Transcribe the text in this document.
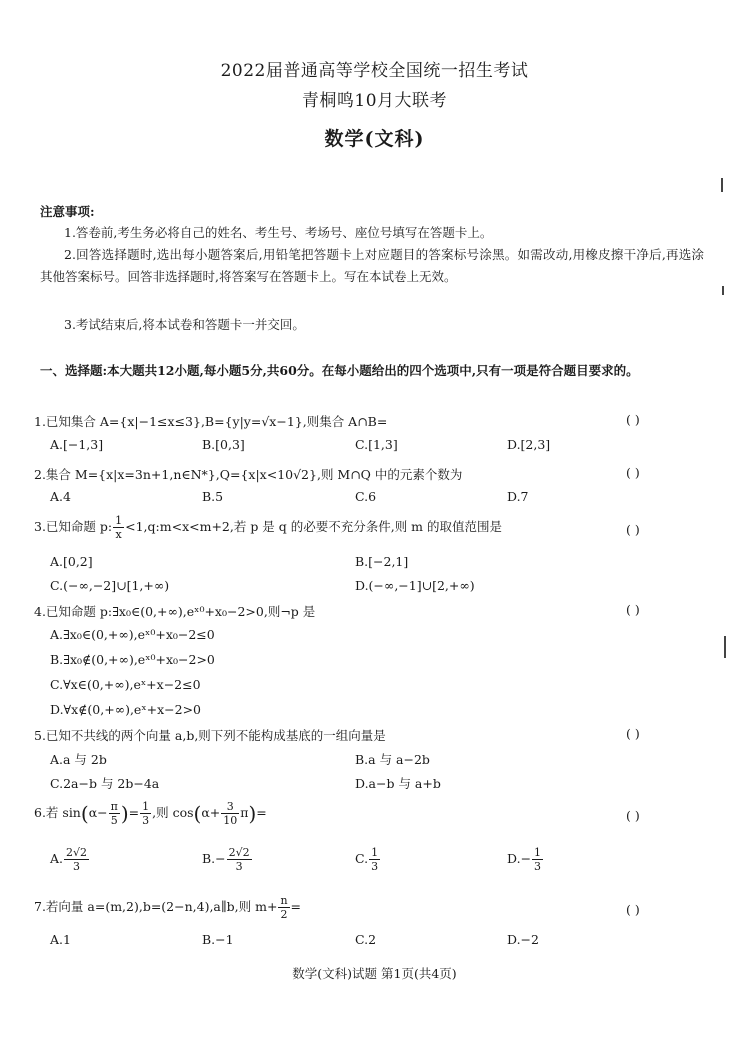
2022届普通高等学校全国统一招生考试
青桐鸣10月大联考
数学(文科)
注意事项:
1.答卷前,考生务必将自己的姓名、考生号、考场号、座位号填写在答题卡上。
2.回答选择题时,选出每小题答案后,用铅笔把答题卡上对应题目的答案标号涂黑。如需改动,用橡皮擦干净后,再选涂其他答案标号。回答非选择题时,将答案写在答题卡上。写在本试卷上无效。
3.考试结束后,将本试卷和答题卡一并交回。
一、选择题:本大题共12小题,每小题5分,共60分。在每小题给出的四个选项中,只有一项是符合题目要求的。
1.已知集合 A={x|−1≤x≤3},B={y|y=√x−1},则集合 A∩B=	( )
A.[−1,3]	B.[0,3]	C.[1,3]	D.[2,3]
2.集合 M={x|x=3n+1,n∈N*},Q={x|x<10√2},则 M∩Q 中的元素个数为	( )
A.4	B.5	C.6	D.7
3.已知命题 p: $\frac{1}{x}$ <1,q:m<x<m+2,若 p 是 q 的必要不充分条件,则 m 的取值范围是	( )
A.[0,2]	B.[−2,1]
C.(−∞,−2]∪[1,+∞)	D.(−∞,−1]∪[2,+∞)
4.已知命题 p:∃x₀∈(0,+∞),eˣ⁰+x₀−2>0,则¬p 是	( )
A.∃x₀∈(0,+∞),eˣ⁰+x₀−2≤0
B.∃x₀∉(0,+∞),eˣ⁰+x₀−2>0
C.∀x∈(0,+∞),eˣ+x−2≤0
D.∀x∉(0,+∞),eˣ+x−2>0
5.已知不共线的两个向量 a,b,则下列不能构成基底的一组向量是	( )
A.a 与 2b	B.a 与 a−2b
C.2a−b 与 2b−4a	D.a−b 与 a+b
6.若 $\sin(\alpha- \frac{\pi}{5}$ )= $\frac{1}{3}$ ,则 $\cos(\alpha+ \frac{3}{10} \pi)=$	( )
A. $\frac{2√2}{3}$	$B.- \frac{2√2}{3}$	C. $\frac{1}{3}$	$D.- \frac{1}{3}$
7.若向量 a=(m,2),b=(2−n,4),a∥b,则 $m+ \frac{n}{2}$ =	( )
A.1	B.−1	C.2	D.−2
数学(文科)试题 第1页(共4页)
